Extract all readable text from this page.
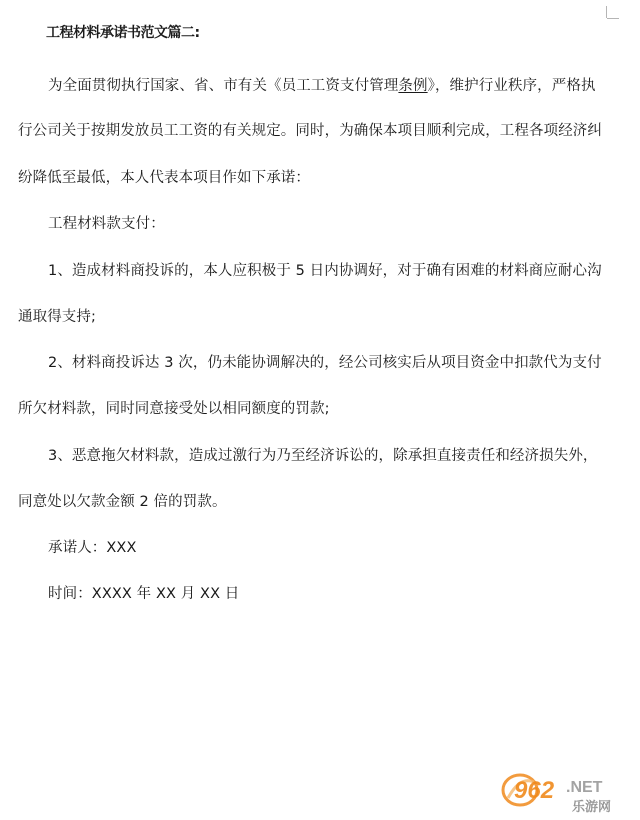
工程材料承诺书范文篇二:
为全面贯彻执行国家、省、市有关《员工工资支付管理条例》，维护行业秩序，严格执
行公司关于按期发放员工工资的有关规定。同时，为确保本项目顺利完成，工程各项经济纠
纷降低至最低，本人代表本项目作如下承诺：
工程材料款支付：
1、造成材料商投诉的，本人应积极于 5 日内协调好，对于确有困难的材料商应耐心沟
通取得支持;
2、材料商投诉达 3 次，仍未能协调解决的，经公司核实后从项目资金中扣款代为支付
所欠材料款，同时同意接受处以相同额度的罚款;
3、恶意拖欠材料款，造成过激行为乃至经济诉讼的，除承担直接责任和经济损失外，
同意处以欠款金额 2 倍的罚款。
承诺人：XXX
时间：XXXX 年 XX 月 XX 日
962 .NET
乐游网
